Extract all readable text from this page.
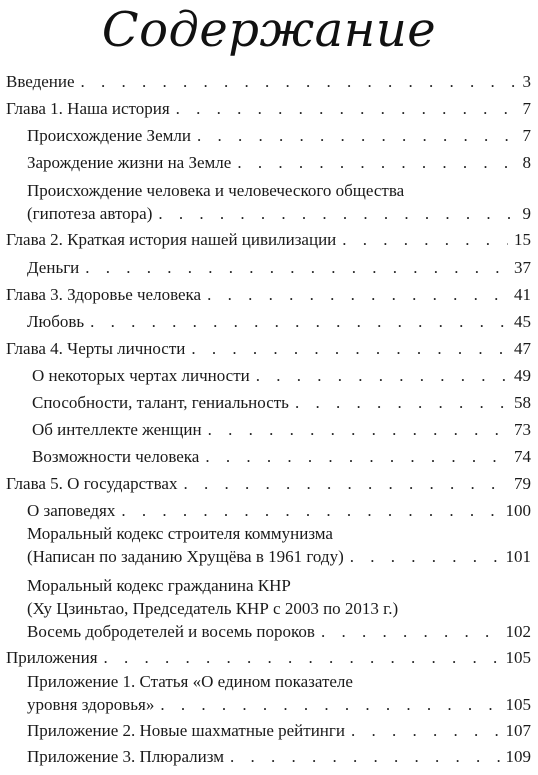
Содержание
Введение . . .	3
Глава 1. Наша история . . .	7
Происхождение Земли . . .	7
Зарождение жизни на Земле . . .	8
Происхождение человека и человеческого общества
(гипотеза автора) . . .	9
Глава 2. Краткая история нашей цивилизации . . .	15
Деньги . . .	37
Глава 3. Здоровье человека . . .	41
Любовь . . .	45
Глава 4. Черты личности . . .	47
О некоторых чертах личности . . .	49
Способности, талант, гениальность . . .	58
Об интеллекте женщин . . .	73
Возможности человека . . .	74
Глава 5. О государствах . . .	79
О заповедях . . .	100
Моральный кодекс строителя коммунизма
(Написан по заданию Хрущёва в 1961 году) . . .	101
Моральный кодекс гражданина КНР
(Ху Цзиньтао, Председатель КНР с 2003 по 2013 г.)
Восемь добродетелей и восемь пороков . . .	102
Приложения . . .	105
Приложение 1. Статья «О едином показателе
уровня здоровья» . . .	105
Приложение 2. Новые шахматные рейтинги . . .	107
Приложение 3. Плюрализм . . .	109
